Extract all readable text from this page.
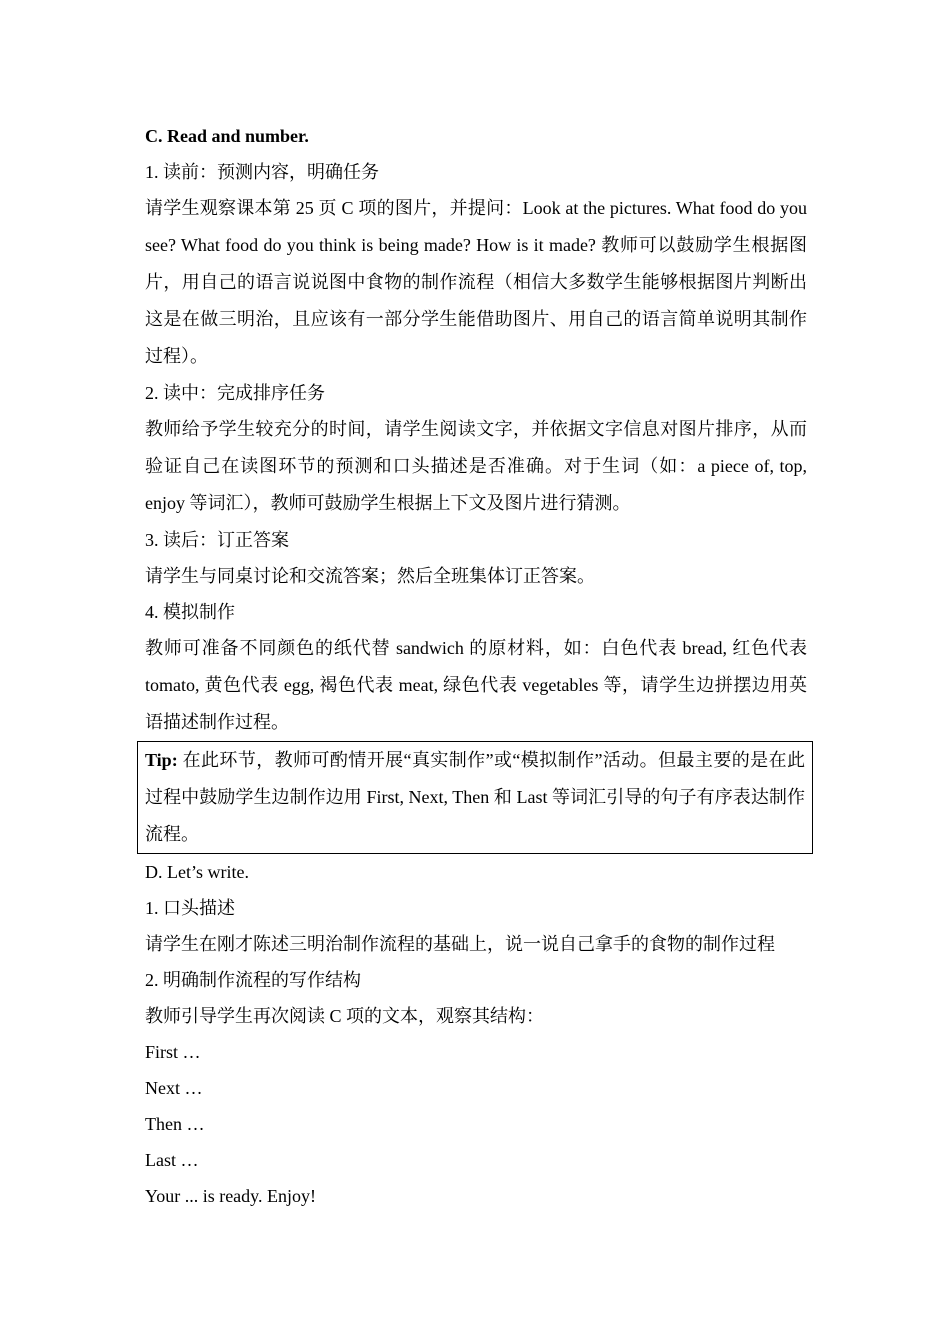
C. Read and number.

1. 读前：预测内容，明确任务

请学生观察课本第 25 页 C 项的图片，并提问：Look at the pictures. What food do you see? What food do you think is being made? How is it made? 教师可以鼓励学生根据图片，用自己的语言说说图中食物的制作流程（相信大多数学生能够根据图片判断出这是在做三明治，且应该有一部分学生能借助图片、用自己的语言简单说明其制作过程）。

2. 读中：完成排序任务

教师给予学生较充分的时间，请学生阅读文字，并依据文字信息对图片排序，从而验证自己在读图环节的预测和口头描述是否准确。对于生词（如：a piece of, top, enjoy 等词汇），教师可鼓励学生根据上下文及图片进行猜测。

3. 读后：订正答案

请学生与同桌讨论和交流答案；然后全班集体订正答案。

4. 模拟制作

教师可准备不同颜色的纸代替 sandwich 的原材料，如：白色代表 bread, 红色代表 tomato, 黄色代表 egg, 褐色代表 meat, 绿色代表 vegetables 等，请学生边拼摆边用英语描述制作过程。

Tip: 在此环节，教师可酌情开展“真实制作”或“模拟制作”活动。但最主要的是在此过程中鼓励学生边制作边用 First, Next, Then 和 Last 等词汇引导的句子有序表达制作流程。

D. Let’s write.

1. 口头描述

请学生在刚才陈述三明治制作流程的基础上，说一说自己拿手的食物的制作过程

2. 明确制作流程的写作结构

教师引导学生再次阅读 C 项的文本，观察其结构：

First …

Next …

Then …

Last …

Your ... is ready. Enjoy!
